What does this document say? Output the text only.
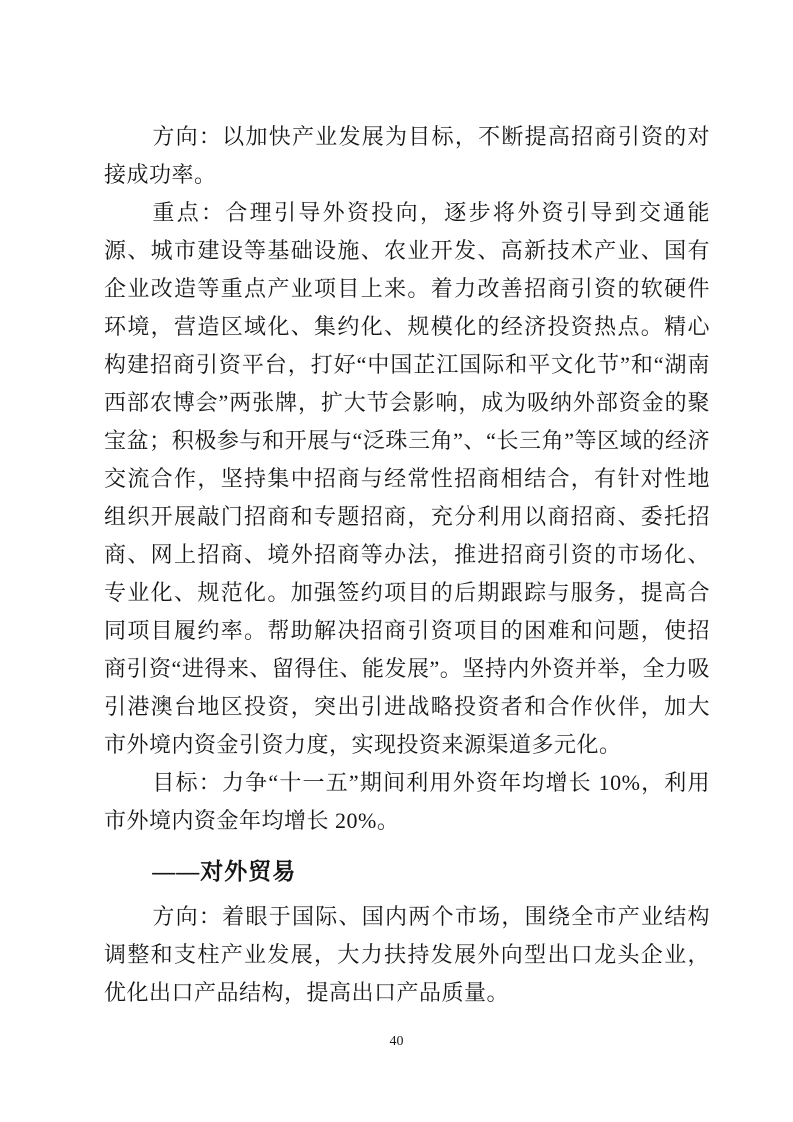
方向：以加快产业发展为目标，不断提高招商引资的对接成功率。

重点：合理引导外资投向，逐步将外资引导到交通能源、城市建设等基础设施、农业开发、高新技术产业、国有企业改造等重点产业项目上来。着力改善招商引资的软硬件环境，营造区域化、集约化、规模化的经济投资热点。精心构建招商引资平台，打好“中国芷江国际和平文化节”和“湖南西部农博会”两张牌，扩大节会影响，成为吸纳外部资金的聚宝盆；积极参与和开展与“泛珠三角”、“长三角”等区域的经济交流合作，坚持集中招商与经常性招商相结合，有针对性地组织开展敲门招商和专题招商，充分利用以商招商、委托招商、网上招商、境外招商等办法，推进招商引资的市场化、专业化、规范化。加强签约项目的后期跟踪与服务，提高合同项目履约率。帮助解决招商引资项目的困难和问题，使招商引资“进得来、留得住、能发展”。坚持内外资并举，全力吸引港澳台地区投资，突出引进战略投资者和合作伙伴，加大市外境内资金引资力度，实现投资来源渠道多元化。

目标：力争“十一五”期间利用外资年均增长 10%，利用市外境内资金年均增长 20%。

——对外贸易

方向：着眼于国际、国内两个市场，围绕全市产业结构调整和支柱产业发展，大力扶持发展外向型出口龙头企业，优化出口产品结构，提高出口产品质量。

40
